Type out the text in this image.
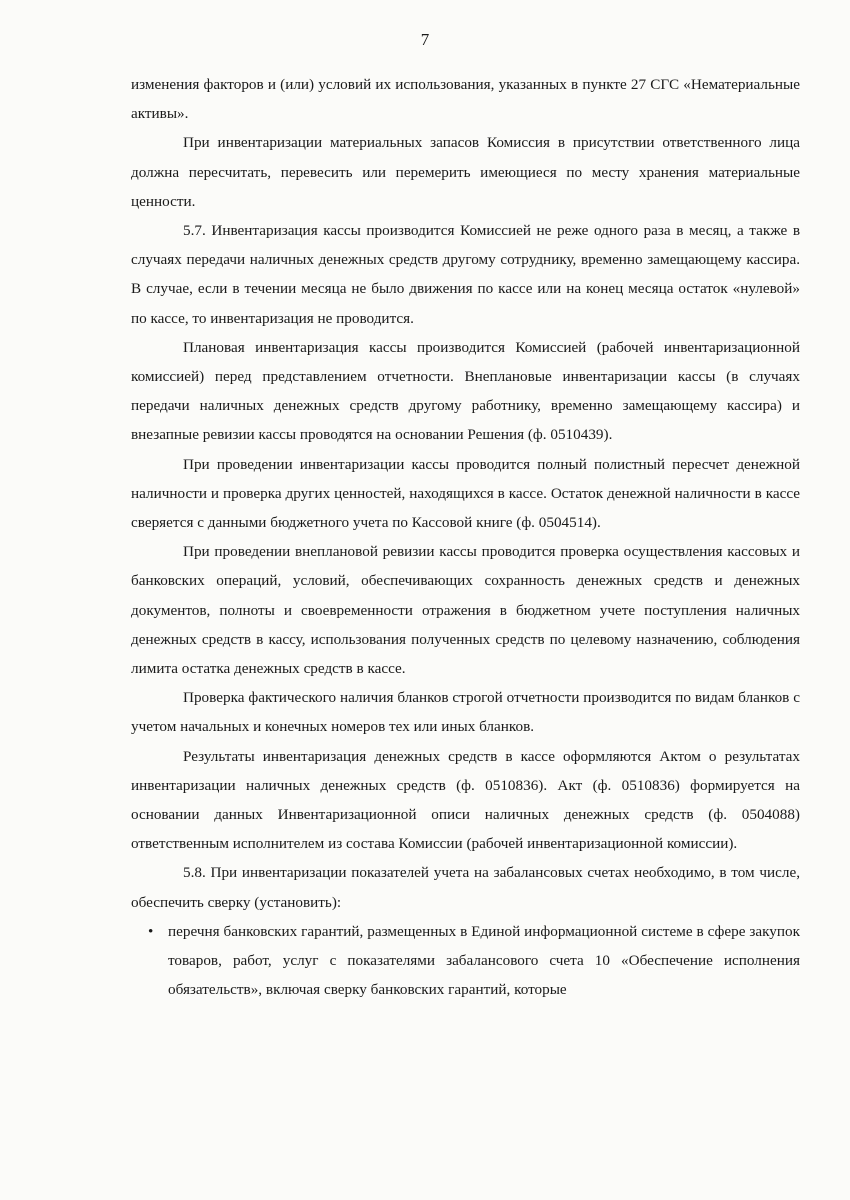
7

изменения факторов и (или) условий их использования, указанных в пункте 27 СГС «Нематериальные активы».

При инвентаризации материальных запасов Комиссия в присутствии ответственного лица должна пересчитать, перевесить или перемерить имеющиеся по месту хранения материальные ценности.

5.7. Инвентаризация кассы производится Комиссией не реже одного раза в месяц, а также в случаях передачи наличных денежных средств другому сотруднику, временно замещающему кассира. В случае, если в течении месяца не было движения по кассе или на конец месяца остаток «нулевой» по кассе, то инвентаризация не проводится.

Плановая инвентаризация кассы производится Комиссией (рабочей инвентаризационной комиссией) перед представлением отчетности. Внеплановые инвентаризации кассы (в случаях передачи наличных денежных средств другому работнику, временно замещающему кассира) и внезапные ревизии кассы проводятся на основании Решения (ф. 0510439).

При проведении инвентаризации кассы проводится полный полистный пересчет денежной наличности и проверка других ценностей, находящихся в кассе. Остаток денежной наличности в кассе сверяется с данными бюджетного учета по Кассовой книге (ф. 0504514).

При проведении внеплановой ревизии кассы проводится проверка осуществления кассовых и банковских операций, условий, обеспечивающих сохранность денежных средств и денежных документов, полноты и своевременности отражения в бюджетном учете поступления наличных денежных средств в кассу, использования полученных средств по целевому назначению, соблюдения лимита остатка денежных средств в кассе.

Проверка фактического наличия бланков строгой отчетности производится по видам бланков с учетом начальных и конечных номеров тех или иных бланков.

Результаты инвентаризация денежных средств в кассе оформляются Актом о результатах инвентаризации наличных денежных средств (ф. 0510836). Акт (ф. 0510836) формируется на основании данных Инвентаризационной описи наличных денежных средств (ф. 0504088) ответственным исполнителем из состава Комиссии (рабочей инвентаризационной комиссии).

5.8. При инвентаризации показателей учета на забалансовых счетах необходимо, в том числе, обеспечить сверку (установить):

• перечня банковских гарантий, размещенных в Единой информационной системе в сфере закупок товаров, работ, услуг с показателями забалансового счета 10 «Обеспечение исполнения обязательств», включая сверку банковских гарантий, которые
